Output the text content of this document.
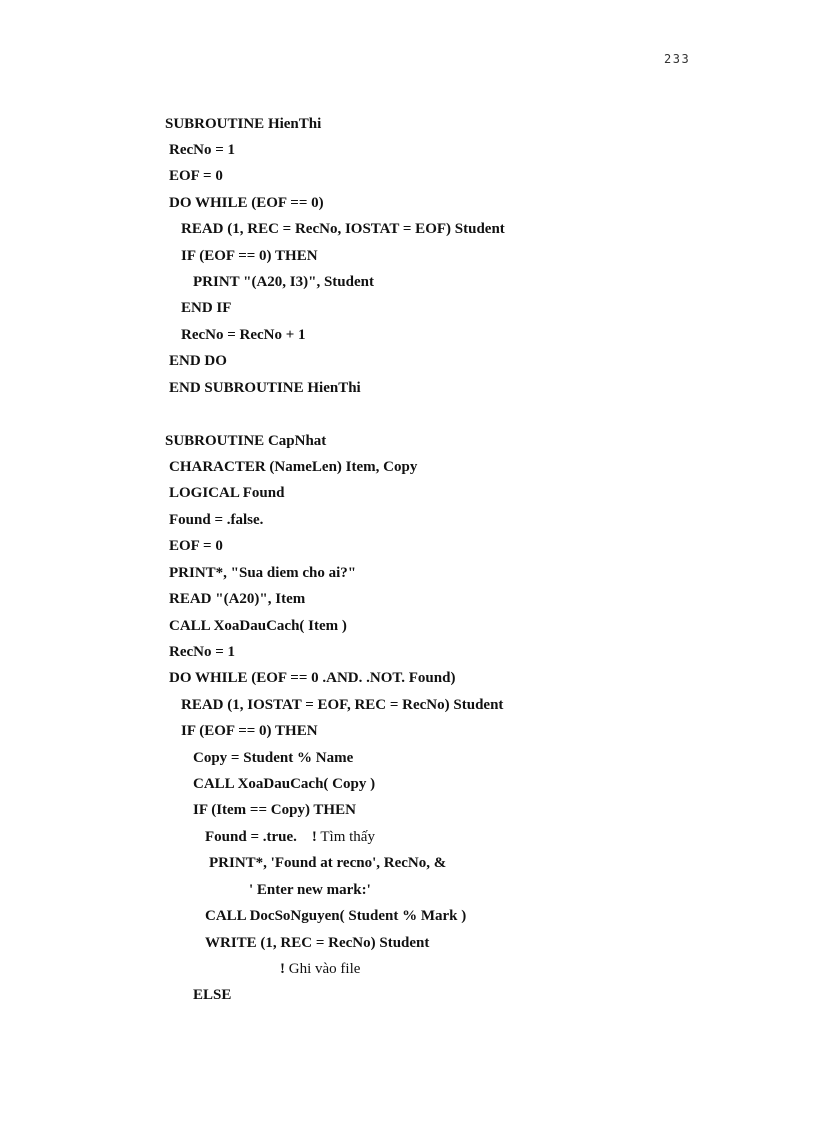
233
SUBROUTINE HienThi
RecNo = 1
EOF = 0
DO WHILE (EOF == 0)
READ (1, REC = RecNo, IOSTAT = EOF) Student
IF (EOF == 0) THEN
PRINT "(A20, I3)", Student
END IF
RecNo = RecNo + 1
END DO
END SUBROUTINE HienThi
SUBROUTINE CapNhat
CHARACTER (NameLen) Item, Copy
LOGICAL Found
Found = .false.
EOF = 0
PRINT*, "Sua diem cho ai?"
READ "(A20)", Item
CALL XoaDauCach( Item )
RecNo = 1
DO WHILE (EOF == 0 .AND. .NOT. Found)
READ (1, IOSTAT = EOF, REC = RecNo) Student
IF (EOF == 0) THEN
Copy = Student % Name
CALL XoaDauCach( Copy )
IF (Item == Copy) THEN
Found = .true.    ! Tìm thấy
PRINT*, 'Found at recno', RecNo, &
' Enter new mark:'
CALL DocSoNguyen( Student % Mark )
WRITE (1, REC = RecNo) Student
! Ghi vào file
ELSE
